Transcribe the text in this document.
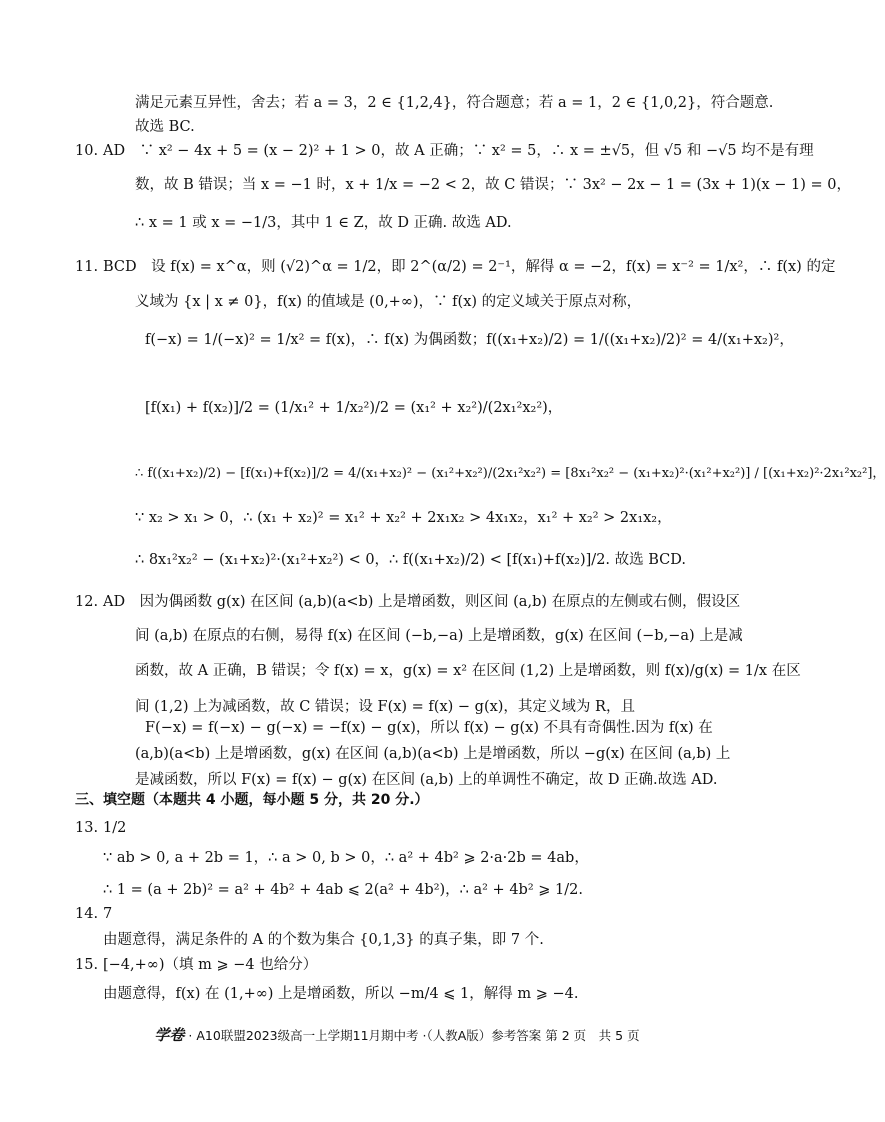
满足元素互异性，舍去；若 a = 3，2 ∈ {1,2,4}，符合题意；若 a = 1，2 ∈ {1,0,2}，符合题意.
故选 BC.
10. AD　∵ x² − 4x + 5 = (x − 2)² + 1 > 0，故 A 正确；∵ x² = 5，∴ x = ±√5，但 √5 和 −√5 均不是有理
数，故 B 错误；当 x = −1 时，x + 1/x = −2 < 2，故 C 错误；∵ 3x² − 2x − 1 = (3x + 1)(x − 1) = 0，
∴ x = 1 或 x = −1/3，其中 1 ∈ Z，故 D 正确. 故选 AD.
11. BCD　设 f(x) = x^α，则 (√2)^α = 1/2，即 2^(α/2) = 2⁻¹，解得 α = −2，f(x) = x⁻² = 1/x²，∴ f(x) 的定
义域为 {x | x ≠ 0}，f(x) 的值域是 (0,+∞)，∵ f(x) 的定义域关于原点对称，
f(−x) = 1/(−x)² = 1/x² = f(x)，∴ f(x) 为偶函数；f((x₁+x₂)/2) = 1/((x₁+x₂)/2)² = 4/(x₁+x₂)²，
[f(x₁) + f(x₂)]/2 = (1/x₁² + 1/x₂²)/2 = (x₁² + x₂²)/(2x₁²x₂²)，
∴ f((x₁+x₂)/2) − [f(x₁)+f(x₂)]/2 = 4/(x₁+x₂)² − (x₁²+x₂²)/(2x₁²x₂²) = [8x₁²x₂² − (x₁+x₂)²·(x₁²+x₂²)] / [(x₁+x₂)²·2x₁²x₂²]，
∵ x₂ > x₁ > 0，∴ (x₁ + x₂)² = x₁² + x₂² + 2x₁x₂ > 4x₁x₂，x₁² + x₂² > 2x₁x₂，
∴ 8x₁²x₂² − (x₁+x₂)²·(x₁²+x₂²) < 0，∴ f((x₁+x₂)/2) < [f(x₁)+f(x₂)]/2. 故选 BCD.
12. AD　因为偶函数 g(x) 在区间 (a,b)(a<b) 上是增函数，则区间 (a,b) 在原点的左侧或右侧，假设区
间 (a,b) 在原点的右侧，易得 f(x) 在区间 (−b,−a) 上是增函数，g(x) 在区间 (−b,−a) 上是减
函数，故 A 正确，B 错误；令 f(x) = x，g(x) = x² 在区间 (1,2) 上是增函数，则 f(x)/g(x) = 1/x 在区
间 (1,2) 上为减函数，故 C 错误；设 F(x) = f(x) − g(x)，其定义域为 R，且
F(−x) = f(−x) − g(−x) = −f(x) − g(x)，所以 f(x) − g(x) 不具有奇偶性.因为 f(x) 在
(a,b)(a<b) 上是增函数，g(x) 在区间 (a,b)(a<b) 上是增函数，所以 −g(x) 在区间 (a,b) 上
是减函数，所以 F(x) = f(x) − g(x) 在区间 (a,b) 上的单调性不确定，故 D 正确.故选 AD.
三、填空题（本题共 4 小题，每小题 5 分，共 20 分.）
13. 1/2
∵ ab > 0, a + 2b = 1，∴ a > 0, b > 0，∴ a² + 4b² ⩾ 2·a·2b = 4ab，
∴ 1 = (a + 2b)² = a² + 4b² + 4ab ⩽ 2(a² + 4b²)，∴ a² + 4b² ⩾ 1/2.
14. 7
由题意得，满足条件的 A 的个数为集合 {0,1,3} 的真子集，即 7 个.
15. [−4,+∞)（填 m ⩾ −4 也给分）
由题意得，f(x) 在 (1,+∞) 上是增函数，所以 −m/4 ⩽ 1，解得 m ⩾ −4.
学卷 · A10联盟2023级高一上学期11月期中考 ·（人教A版）参考答案 第 2 页　共 5 页
